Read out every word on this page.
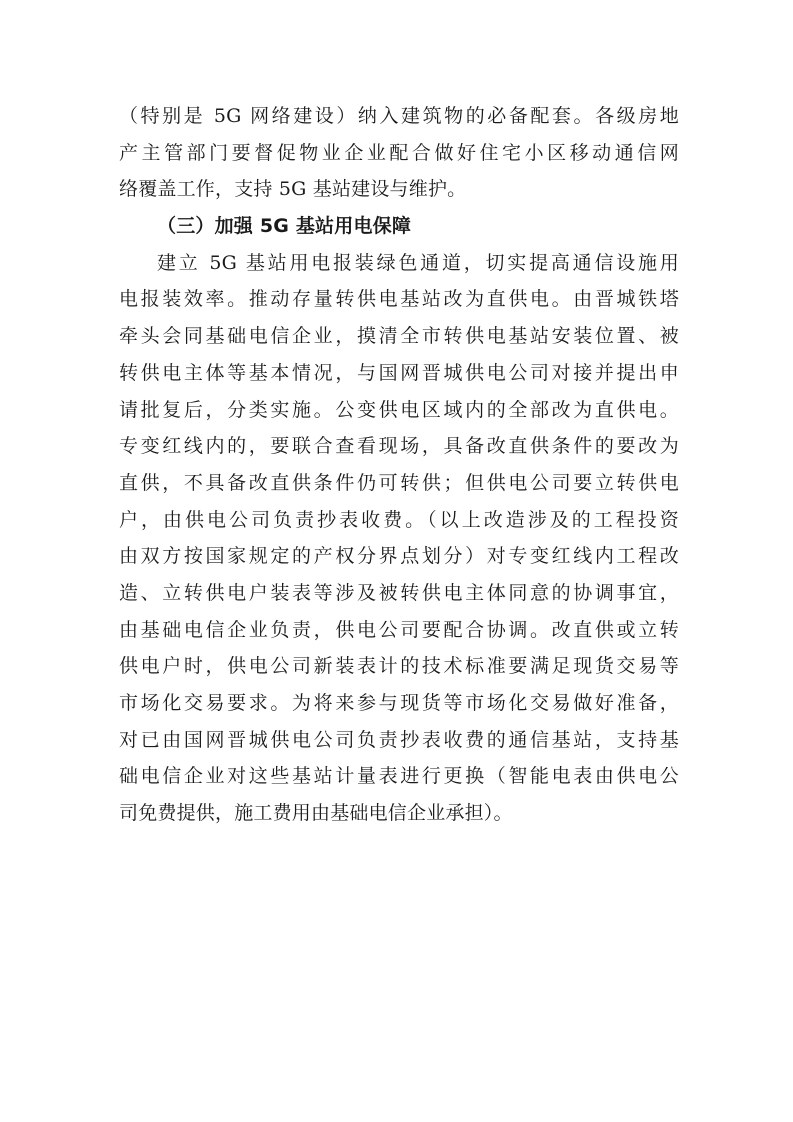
（特别是 5G 网络建设）纳入建筑物的必备配套。各级房地
产主管部门要督促物业企业配合做好住宅小区移动通信网
络覆盖工作，支持 5G 基站建设与维护。
（三）加强 5G 基站用电保障
建立 5G 基站用电报装绿色通道，切实提高通信设施用
电报装效率。推动存量转供电基站改为直供电。由晋城铁塔
牵头会同基础电信企业，摸清全市转供电基站安装位置、被
转供电主体等基本情况，与国网晋城供电公司对接并提出申
请批复后，分类实施。公变供电区域内的全部改为直供电。
专变红线内的，要联合查看现场，具备改直供条件的要改为
直供，不具备改直供条件仍可转供；但供电公司要立转供电
户，由供电公司负责抄表收费。（以上改造涉及的工程投资
由双方按国家规定的产权分界点划分）对专变红线内工程改
造、立转供电户装表等涉及被转供电主体同意的协调事宜，
由基础电信企业负责，供电公司要配合协调。改直供或立转
供电户时，供电公司新装表计的技术标准要满足现货交易等
市场化交易要求。为将来参与现货等市场化交易做好准备，
对已由国网晋城供电公司负责抄表收费的通信基站，支持基
础电信企业对这些基站计量表进行更换（智能电表由供电公
司免费提供，施工费用由基础电信企业承担）。
